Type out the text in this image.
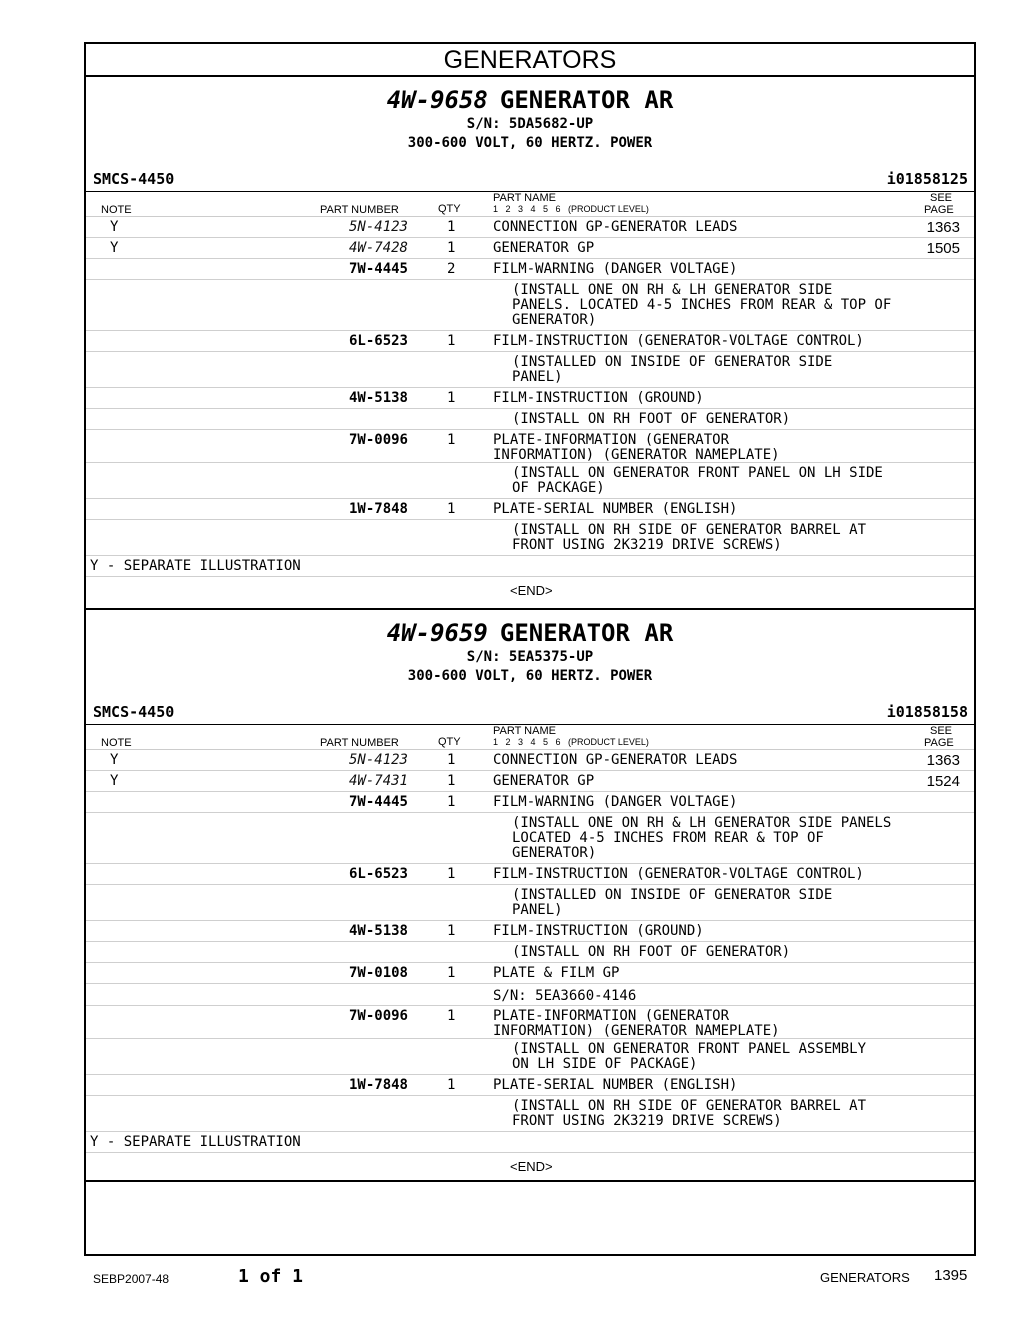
GENERATORS
4W-9658 GENERATOR AR
S/N: 5DA5682-UP
300-600 VOLT, 60 HERTZ. POWER
SMCS-4450	i01858125
NOTE	PART NUMBER	QTY
PART NAME
1   2   3   4   5   6   (PRODUCT LEVEL)
SEE
PAGE
Y	5N-4123	1	CONNECTION GP-GENERATOR LEADS	1363
Y	4W-7428	1	GENERATOR GP	1505
7W-4445	2	FILM-WARNING (DANGER VOLTAGE)
(INSTALL ONE ON RH & LH GENERATOR SIDE
PANELS. LOCATED 4-5 INCHES FROM REAR & TOP OF
GENERATOR)
6L-6523	1	FILM-INSTRUCTION (GENERATOR-VOLTAGE CONTROL)
(INSTALLED ON INSIDE OF GENERATOR SIDE
PANEL)
4W-5138	1	FILM-INSTRUCTION (GROUND)
(INSTALL ON RH FOOT OF GENERATOR)
7W-0096	1	PLATE-INFORMATION (GENERATOR
INFORMATION) (GENERATOR NAMEPLATE)
(INSTALL ON GENERATOR FRONT PANEL ON LH SIDE
OF PACKAGE)
1W-7848	1	PLATE-SERIAL NUMBER (ENGLISH)
(INSTALL ON RH SIDE OF GENERATOR BARREL AT
FRONT USING 2K3219 DRIVE SCREWS)
Y - SEPARATE ILLUSTRATION
<END>
4W-9659 GENERATOR AR
S/N: 5EA5375-UP
300-600 VOLT, 60 HERTZ. POWER
SMCS-4450	i01858158
NOTE	PART NUMBER	QTY
PART NAME
1   2   3   4   5   6   (PRODUCT LEVEL)
SEE
PAGE
Y	5N-4123	1	CONNECTION GP-GENERATOR LEADS	1363
Y	4W-7431	1	GENERATOR GP	1524
7W-4445	1	FILM-WARNING (DANGER VOLTAGE)
(INSTALL ONE ON RH & LH GENERATOR SIDE PANELS
LOCATED 4-5 INCHES FROM REAR & TOP OF
GENERATOR)
6L-6523	1	FILM-INSTRUCTION (GENERATOR-VOLTAGE CONTROL)
(INSTALLED ON INSIDE OF GENERATOR SIDE
PANEL)
4W-5138	1	FILM-INSTRUCTION (GROUND)
(INSTALL ON RH FOOT OF GENERATOR)
7W-0108	1	PLATE & FILM GP
S/N: 5EA3660-4146
7W-0096	1	PLATE-INFORMATION (GENERATOR
INFORMATION) (GENERATOR NAMEPLATE)
(INSTALL ON GENERATOR FRONT PANEL ASSEMBLY
ON LH SIDE OF PACKAGE)
1W-7848	1	PLATE-SERIAL NUMBER (ENGLISH)
(INSTALL ON RH SIDE OF GENERATOR BARREL AT
FRONT USING 2K3219 DRIVE SCREWS)
Y - SEPARATE ILLUSTRATION
<END>
SEBP2007-48	1 of 1	GENERATORS 1395
